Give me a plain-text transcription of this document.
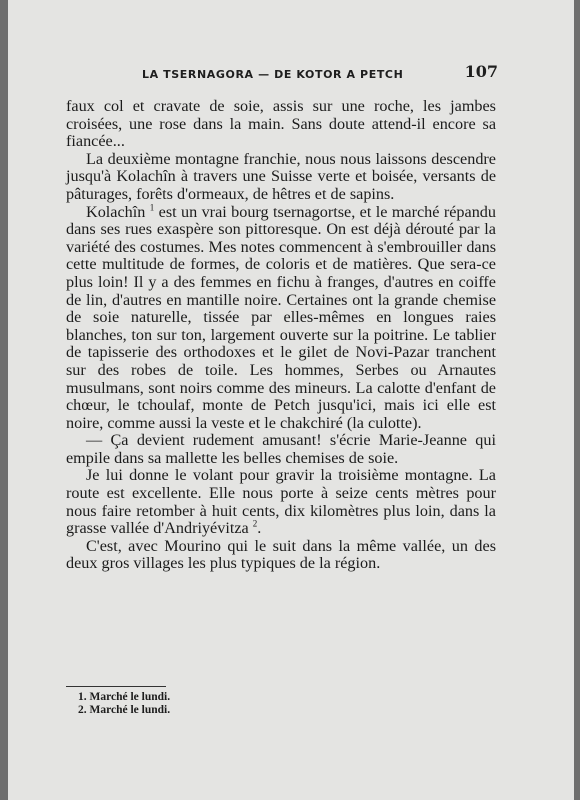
LA TSERNAGORA — DE KOTOR A PETCH	107

faux col et cravate de soie, assis sur une roche, les jambes croisées, une rose dans la main. Sans doute attend-il encore sa fiancée...

La deuxième montagne franchie, nous nous laissons descendre jusqu'à Kolachîn à travers une Suisse verte et boisée, versants de pâturages, forêts d'ormeaux, de hêtres et de sapins.

Kolachîn $^1$ est un vrai bourg tsernagortse, et le marché répandu dans ses rues exaspère son pittoresque. On est déjà dérouté par la variété des costumes. Mes notes commencent à s'embrouiller dans cette multitude de formes, de coloris et de matières. Que sera-ce plus loin! Il y a des femmes en fichu à franges, d'autres en coiffe de lin, d'autres en mantille noire. Certaines ont la grande chemise de soie naturelle, tissée par elles-mêmes en longues raies blanches, ton sur ton, largement ouverte sur la poitrine. Le tablier de tapisserie des orthodoxes et le gilet de Novi-Pazar tranchent sur des robes de toile. Les hommes, Serbes ou Arnautes musulmans, sont noirs comme des mineurs. La calotte d'enfant de chœur, le tchoulaf, monte de Petch jusqu'ici, mais ici elle est noire, comme aussi la veste et le chakchiré (la culotte).

— Ça devient rudement amusant! s'écrie Marie-Jeanne qui empile dans sa mallette les belles chemises de soie.

Je lui donne le volant pour gravir la troisième montagne. La route est excellente. Elle nous porte à seize cents mètres pour nous faire retomber à huit cents, dix kilomètres plus loin, dans la grasse vallée d'Andriyévitza $^2$.

C'est, avec Mourino qui le suit dans la même vallée, un des deux gros villages les plus typiques de la région.

1. Marché le lundi.
2. Marché le lundi.
